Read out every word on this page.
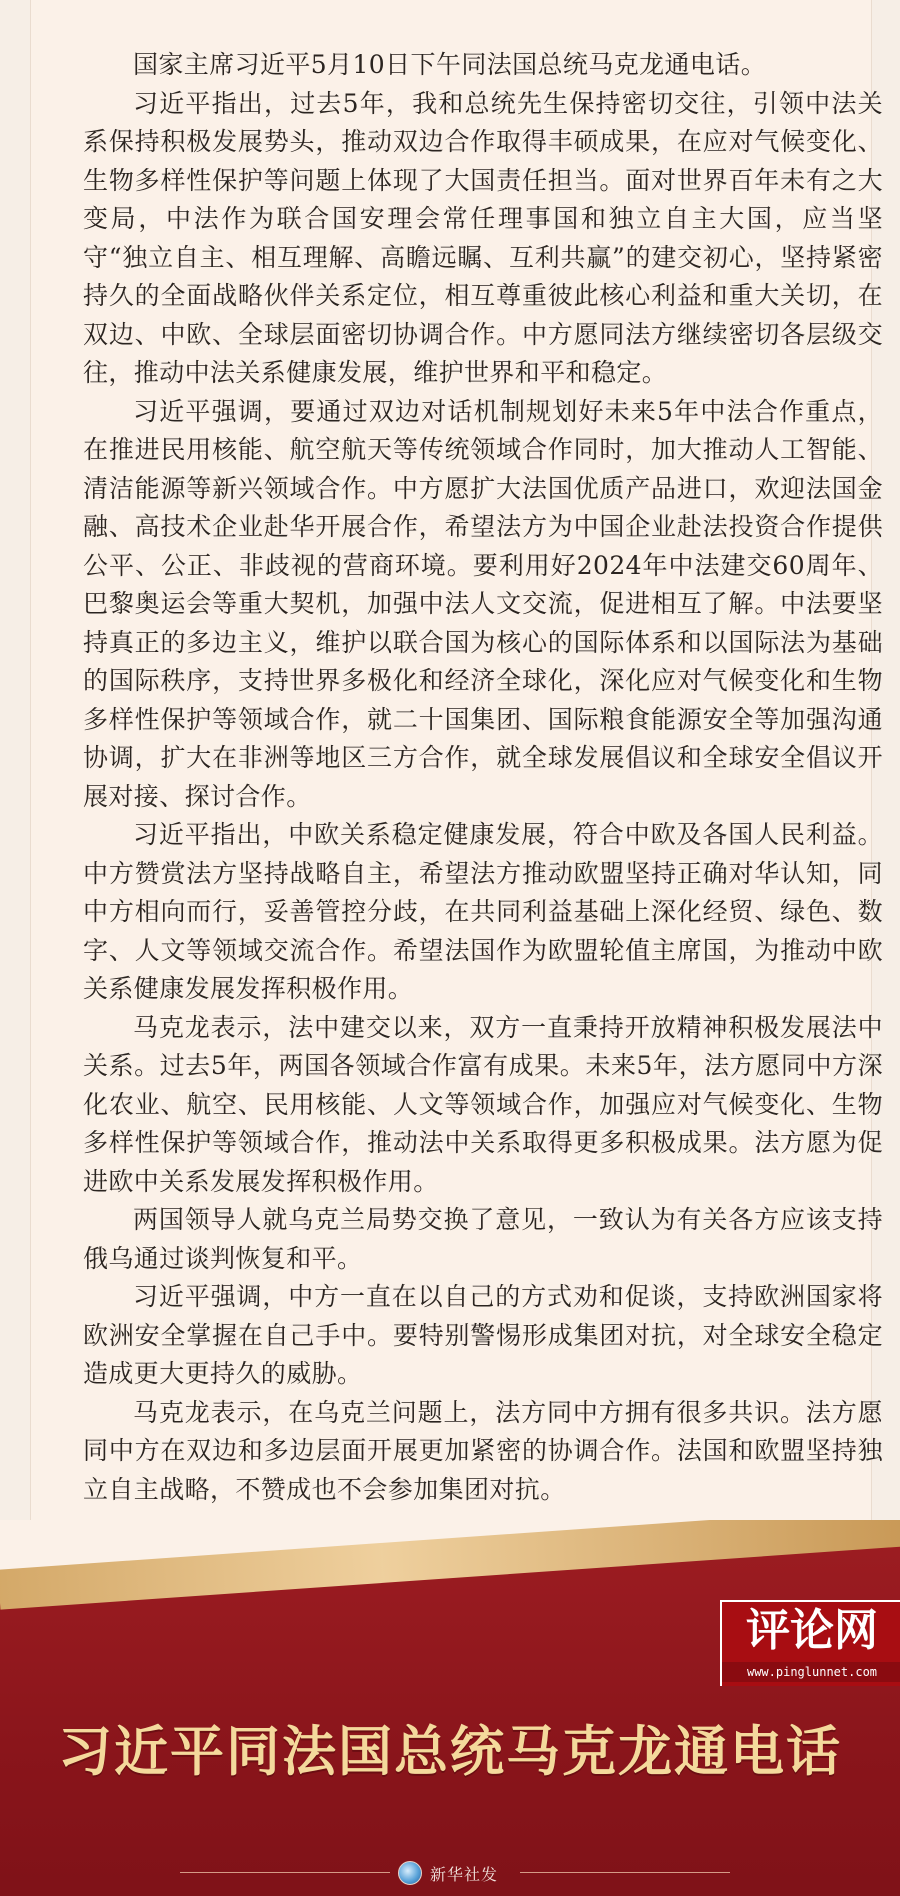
国家主席习近平5月10日下午同法国总统马克龙通电话。

习近平指出，过去5年，我和总统先生保持密切交往，引领中法关系保持积极发展势头，推动双边合作取得丰硕成果，在应对气候变化、生物多样性保护等问题上体现了大国责任担当。面对世界百年未有之大变局，中法作为联合国安理会常任理事国和独立自主大国，应当坚守“独立自主、相互理解、高瞻远瞩、互利共赢”的建交初心，坚持紧密持久的全面战略伙伴关系定位，相互尊重彼此核心利益和重大关切，在双边、中欧、全球层面密切协调合作。中方愿同法方继续密切各层级交往，推动中法关系健康发展，维护世界和平和稳定。

习近平强调，要通过双边对话机制规划好未来5年中法合作重点，在推进民用核能、航空航天等传统领域合作同时，加大推动人工智能、清洁能源等新兴领域合作。中方愿扩大法国优质产品进口，欢迎法国金融、高技术企业赴华开展合作，希望法方为中国企业赴法投资合作提供公平、公正、非歧视的营商环境。要利用好2024年中法建交60周年、巴黎奥运会等重大契机，加强中法人文交流，促进相互了解。中法要坚持真正的多边主义，维护以联合国为核心的国际体系和以国际法为基础的国际秩序，支持世界多极化和经济全球化，深化应对气候变化和生物多样性保护等领域合作，就二十国集团、国际粮食能源安全等加强沟通协调，扩大在非洲等地区三方合作，就全球发展倡议和全球安全倡议开展对接、探讨合作。

习近平指出，中欧关系稳定健康发展，符合中欧及各国人民利益。中方赞赏法方坚持战略自主，希望法方推动欧盟坚持正确对华认知，同中方相向而行，妥善管控分歧，在共同利益基础上深化经贸、绿色、数字、人文等领域交流合作。希望法国作为欧盟轮值主席国，为推动中欧关系健康发展发挥积极作用。

马克龙表示，法中建交以来，双方一直秉持开放精神积极发展法中关系。过去5年，两国各领域合作富有成果。未来5年，法方愿同中方深化农业、航空、民用核能、人文等领域合作，加强应对气候变化、生物多样性保护等领域合作，推动法中关系取得更多积极成果。法方愿为促进欧中关系发展发挥积极作用。

两国领导人就乌克兰局势交换了意见，一致认为有关各方应该支持俄乌通过谈判恢复和平。

习近平强调，中方一直在以自己的方式劝和促谈，支持欧洲国家将欧洲安全掌握在自己手中。要特别警惕形成集团对抗，对全球安全稳定造成更大更持久的威胁。

马克龙表示，在乌克兰问题上，法方同中方拥有很多共识。法方愿同中方在双边和多边层面开展更加紧密的协调合作。法国和欧盟坚持独立自主战略，不赞成也不会参加集团对抗。

习近平同法国总统马克龙通电话
新华社发
评论网
www.pinglunnet.com
